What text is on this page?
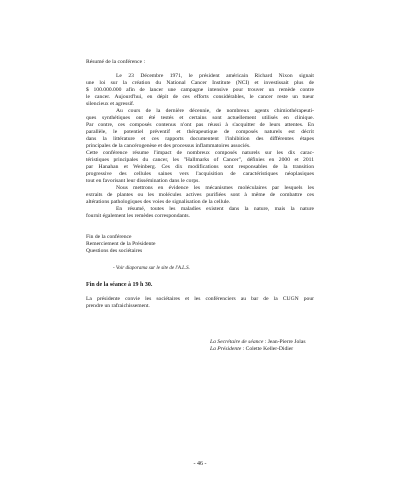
Résumé de la conférence :
Le 23 Décembre 1971, le président américain Richard Nixon signait
une loi sur la création du National Cancer Institute (NCI) et investissait plus de
$ 100.000.000 afin de lancer une campagne intensive pour trouver un remède contre
le cancer. Aujourd'hui, en dépit de ces efforts considérables, le cancer reste un tueur
silencieux et agressif.
Au cours de la dernière décennie, de nombreux agents chimiothérapeuti-
ques synthétiques ont été testés et certains sont actuellement utilisés en clinique.
Par contre, ces composés contenus n'ont pas réussi à s'acquitter de leurs attentes. En
parallèle, le potentiel préventif et thérapeutique de composés naturels est décrit
dans la littérature et ces rapports documentent l'inhibition des différentes étapes
principales de la cancérogenèse et des processus inflammatoires associés.
Cette conférence résume l'impact de nombreux composés naturels sur les dix carac-
téristiques principales du cancer, les "Hallmarks of Cancer", définies en 2000 et 2011
par Hanahan et Weinberg. Ces dix modifications sont responsables de la transition
progressive des cellules saines vers l'acquisition de caractéristiques néoplasiques
tout en favorisant leur dissémination dans le corps.
Nous mettrons en évidence les mécanismes moléculaires par lesquels les
extraits de plantes ou les molécules actives purifiées sont à même de combattre ces
altérations pathologiques des voies de signalisation de la cellule.
En résumé, toutes les maladies existent dans la nature, mais la nature
fournit également les remèdes correspondants.
Fin de la conférence
Remerciement de la Présidente
Questions des sociétaires
- Voir diaporama sur le site de l'A.L.S.
Fin de la séance à 19 h 30.
La présidente convie les sociétaires et les conférenciers au bar de la CUGN pour
prendre un rafraichissement.
La Secrétaire de séance : Jean-Pierre Jolas
La Présidente : Colette Keller-Didier
- 46 -
